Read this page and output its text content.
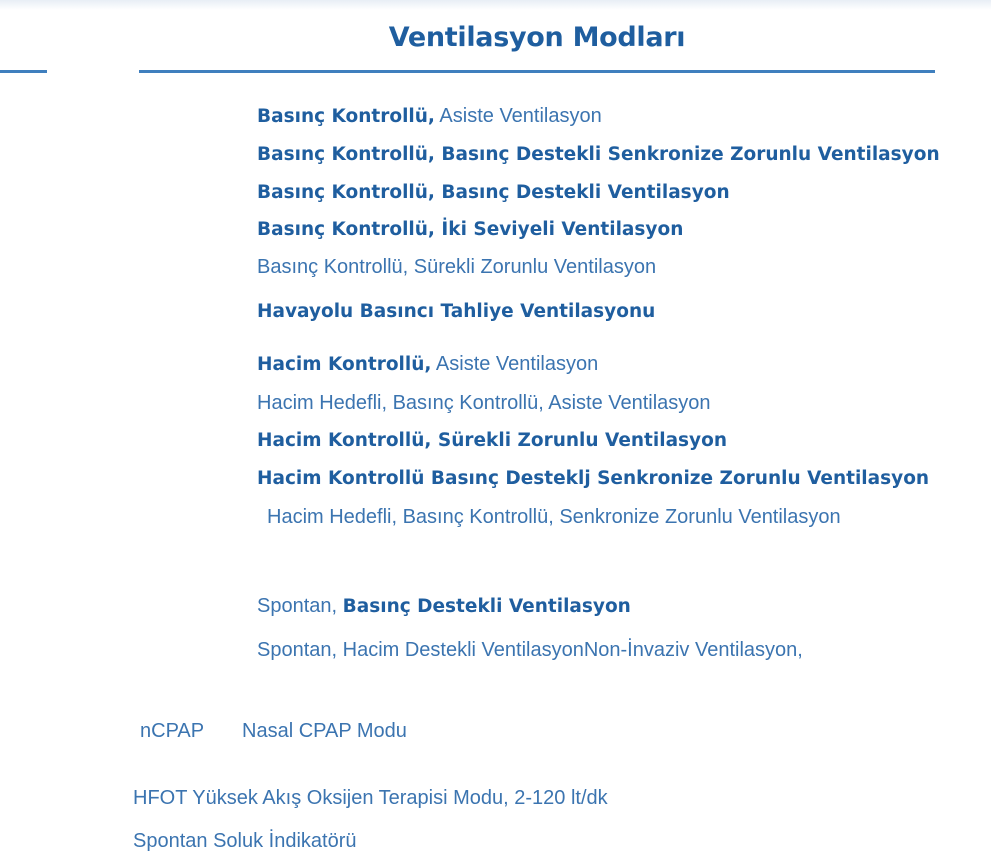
Ventilasyon Modları
Basınç Kontrollü, Asiste Ventilasyon
Basınç Kontrollü, Basınç Destekli Senkronize Zorunlu Ventilasyon
Basınç Kontrollü, Basınç Destekli Ventilasyon
Basınç Kontrollü, İki Seviyeli Ventilasyon
Basınç Kontrollü, Sürekli Zorunlu Ventilasyon
Havayolu Basıncı Tahliye Ventilasyonu
Hacim Kontrollü, Asiste Ventilasyon
Hacim Hedefli, Basınç Kontrollü, Asiste Ventilasyon
Hacim Kontrollü, Sürekli Zorunlu Ventilasyon
Hacim Kontrollü Basınç Desteklj Senkronize Zorunlu Ventilasyon
Hacim Hedefli, Basınç Kontrollü, Senkronize Zorunlu Ventilasyon
Spontan, Basınç Destekli Ventilasyon
Spontan, Hacim Destekli VentilasyonNon-İnvaziv Ventilasyon,
nCPAP Nasal CPAP Modu
HFOT Yüksek Akış Oksijen Terapisi Modu, 2-120 lt/dk
Spontan Soluk İndikatörü
